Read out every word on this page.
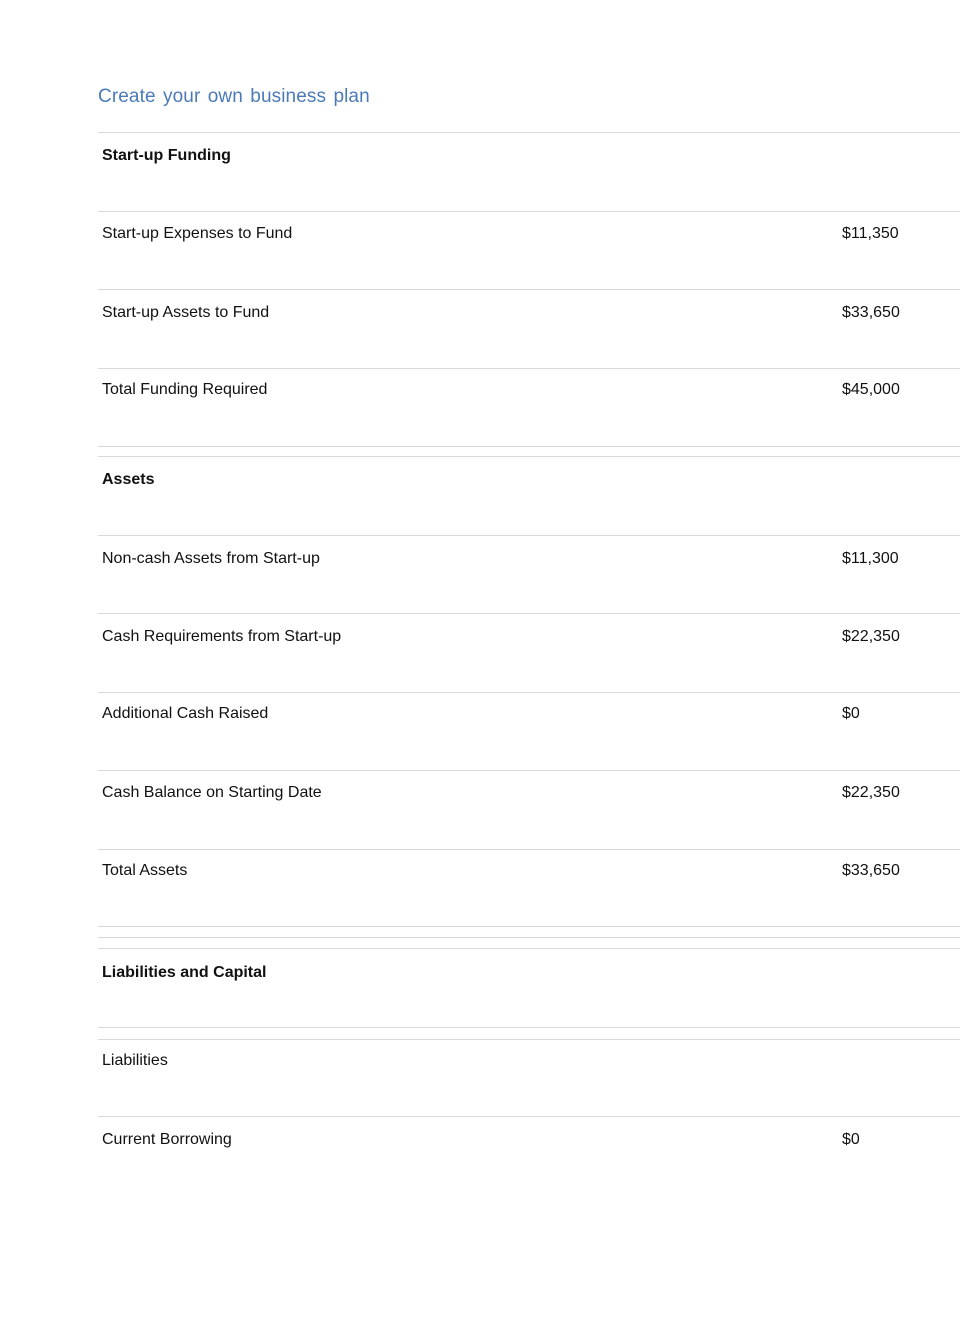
Create your own business plan
Start-up Funding
Start-up Expenses to Fund	$11,350
Start-up Assets to Fund	$33,650
Total Funding Required	$45,000
Assets
Non-cash Assets from Start-up	$11,300
Cash Requirements from Start-up	$22,350
Additional Cash Raised	$0
Cash Balance on Starting Date	$22,350
Total Assets	$33,650
Liabilities and Capital
Liabilities
Current Borrowing	$0
